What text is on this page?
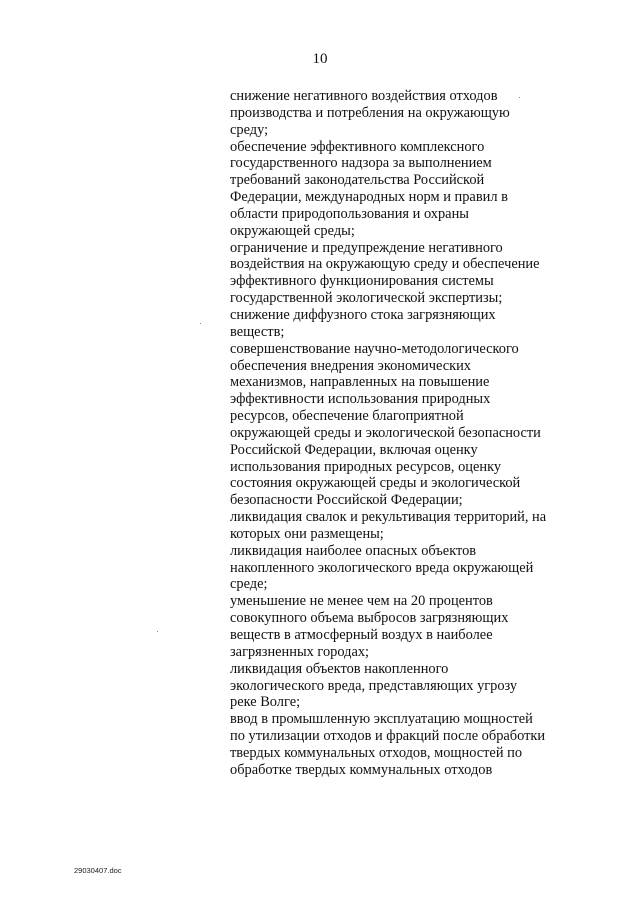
10
снижение негативного воздействия отходов
производства и потребления на окружающую
среду;
обеспечение эффективного комплексного
государственного надзора за выполнением
требований законодательства Российской
Федерации, международных норм и правил в
области природопользования и охраны
окружающей среды;
ограничение и предупреждение негативного
воздействия на окружающую среду и обеспечение
эффективного функционирования системы
государственной экологической экспертизы;
снижение диффузного стока загрязняющих
веществ;
совершенствование научно-методологического
обеспечения внедрения экономических
механизмов, направленных на повышение
эффективности использования природных
ресурсов, обеспечение благоприятной
окружающей среды и экологической безопасности
Российской Федерации, включая оценку
использования природных ресурсов, оценку
состояния окружающей среды и экологической
безопасности Российской Федерации;
ликвидация свалок и рекультивация территорий, на
которых они размещены;
ликвидация наиболее опасных объектов
накопленного экологического вреда окружающей
среде;
уменьшение не менее чем на 20 процентов
совокупного объема выбросов загрязняющих
веществ в атмосферный воздух в наиболее
загрязненных городах;
ликвидация объектов накопленного
экологического вреда, представляющих угрозу
реке Волге;
ввод в промышленную эксплуатацию мощностей
по утилизации отходов и фракций после обработки
твердых коммунальных отходов, мощностей по
обработке твердых коммунальных отходов
29030407.doc
